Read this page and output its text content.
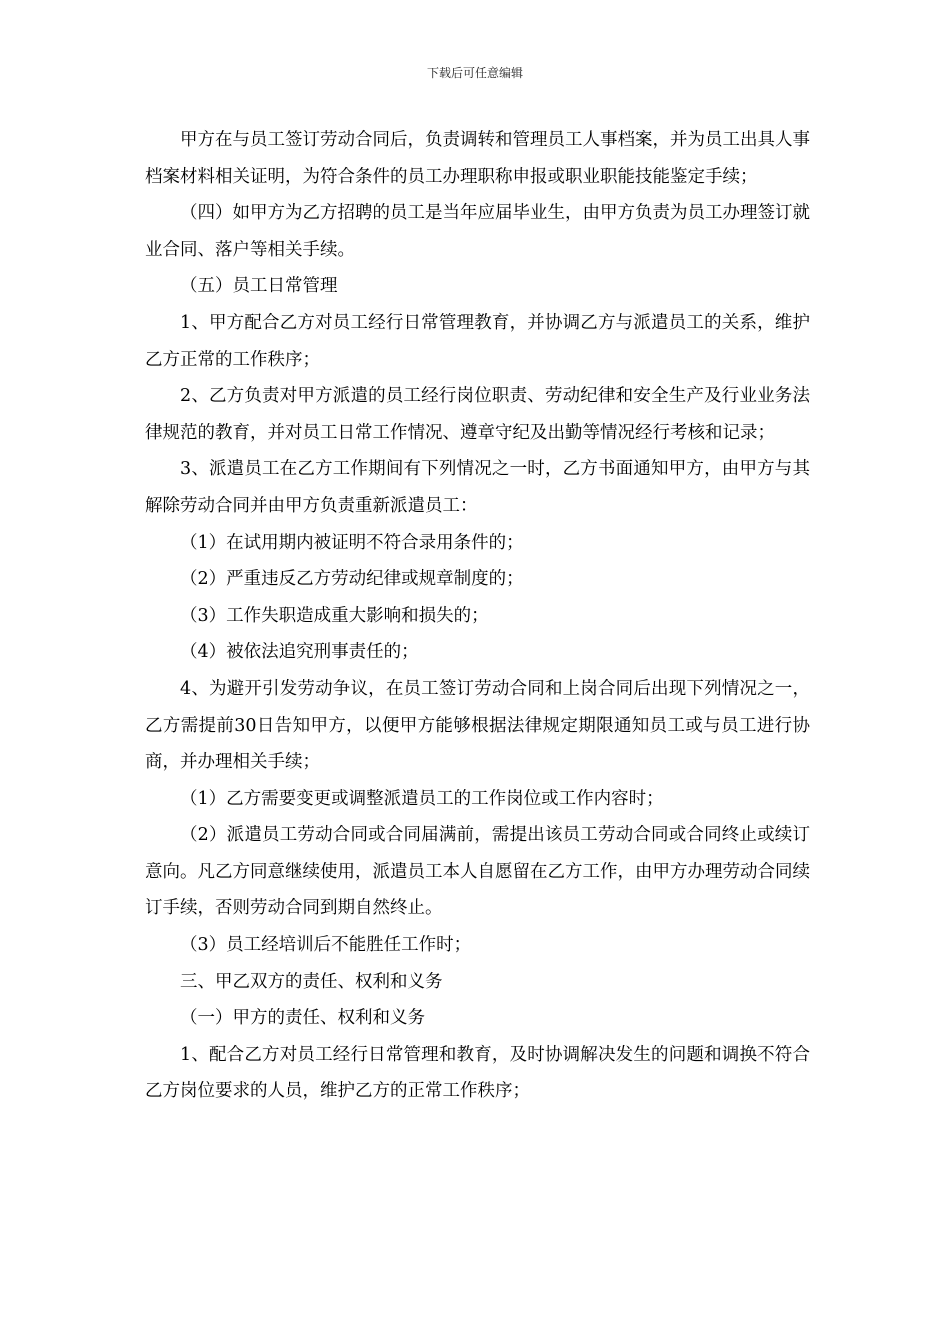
下载后可任意编辑

甲方在与员工签订劳动合同后，负责调转和管理员工人事档案，并为员工出具人事档案材料相关证明，为符合条件的员工办理职称申报或职业职能技能鉴定手续；

（四）如甲方为乙方招聘的员工是当年应届毕业生，由甲方负责为员工办理签订就业合同、落户等相关手续。

（五）员工日常管理

1、甲方配合乙方对员工经行日常管理教育，并协调乙方与派遣员工的关系，维护乙方正常的工作秩序；

2、乙方负责对甲方派遣的员工经行岗位职责、劳动纪律和安全生产及行业业务法律规范的教育，并对员工日常工作情况、遵章守纪及出勤等情况经行考核和记录；

3、派遣员工在乙方工作期间有下列情况之一时，乙方书面通知甲方，由甲方与其解除劳动合同并由甲方负责重新派遣员工：

（1）在试用期内被证明不符合录用条件的；

（2）严重违反乙方劳动纪律或规章制度的；

（3）工作失职造成重大影响和损失的；

（4）被依法追究刑事责任的；

4、为避开引发劳动争议，在员工签订劳动合同和上岗合同后出现下列情况之一，乙方需提前30日告知甲方，以便甲方能够根据法律规定期限通知员工或与员工进行协商，并办理相关手续；

（1）乙方需要变更或调整派遣员工的工作岗位或工作内容时；

（2）派遣员工劳动合同或合同届满前，需提出该员工劳动合同或合同终止或续订意向。凡乙方同意继续使用，派遣员工本人自愿留在乙方工作，由甲方办理劳动合同续订手续，否则劳动合同到期自然终止。

（3）员工经培训后不能胜任工作时；

三、甲乙双方的责任、权利和义务

（一）甲方的责任、权利和义务

1、配合乙方对员工经行日常管理和教育，及时协调解决发生的问题和调换不符合乙方岗位要求的人员，维护乙方的正常工作秩序；
